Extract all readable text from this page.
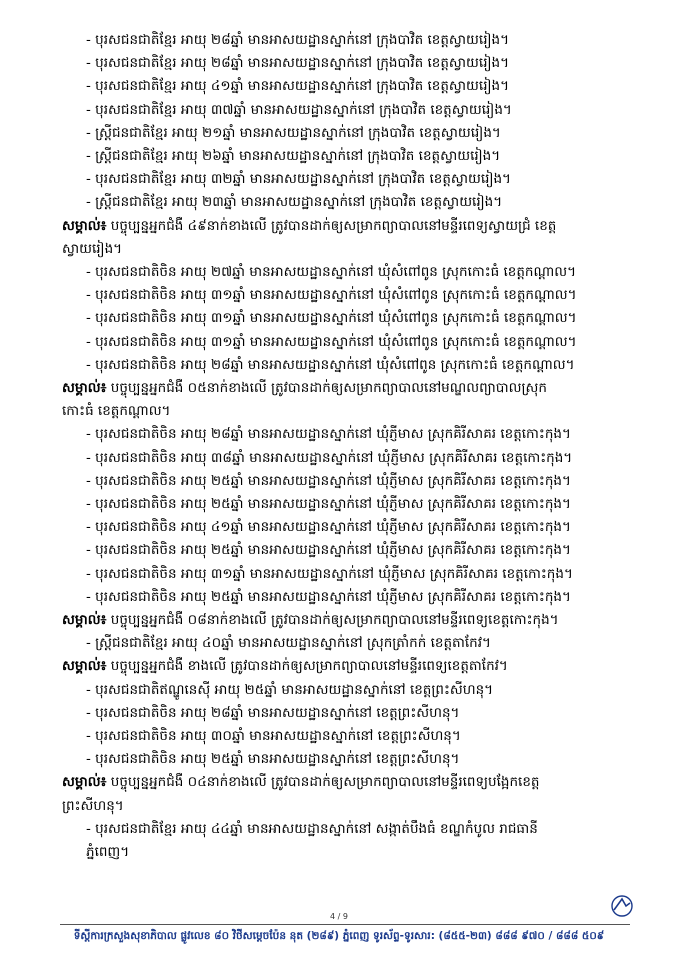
- បុរសជនជាតិខ្មែរ អាយុ ២៨ឆ្នាំ មានអាសយដ្ឋានស្នាក់នៅ ក្រុងបាវិត ខេត្តស្វាយរៀង។
- បុរសជនជាតិខ្មែរ អាយុ ២៨ឆ្នាំ មានអាសយដ្ឋានស្នាក់នៅ ក្រុងបាវិត ខេត្តស្វាយរៀង។
- បុរសជនជាតិខ្មែរ អាយុ ៤១ឆ្នាំ មានអាសយដ្ឋានស្នាក់នៅ ក្រុងបាវិត ខេត្តស្វាយរៀង។
- បុរសជនជាតិខ្មែរ អាយុ ៣៧ឆ្នាំ មានអាសយដ្ឋានស្នាក់នៅ ក្រុងបាវិត ខេត្តស្វាយរៀង។
- ស្ត្រីជនជាតិខ្មែរ អាយុ ២១ឆ្នាំ មានអាសយដ្ឋានស្នាក់នៅ ក្រុងបាវិត ខេត្តស្វាយរៀង។
- ស្ត្រីជនជាតិខ្មែរ អាយុ ២៦ឆ្នាំ មានអាសយដ្ឋានស្នាក់នៅ ក្រុងបាវិត ខេត្តស្វាយរៀង។
- បុរសជនជាតិខ្មែរ អាយុ ៣២ឆ្នាំ មានអាសយដ្ឋានស្នាក់នៅ ក្រុងបាវិត ខេត្តស្វាយរៀង។
- ស្ត្រីជនជាតិខ្មែរ អាយុ ២៣ឆ្នាំ មានអាសយដ្ឋានស្នាក់នៅ ក្រុងបាវិត ខេត្តស្វាយរៀង។
សម្គាល់៖ បច្ចុប្បន្នអ្នកជំងឺ ៤៩នាក់ខាងលើ ត្រូវបានដាក់ឲ្យសម្រាកព្យាបាលនៅមន្ទីរពេទ្យស្វាយជ្រំ ខេត្ត
ស្វាយរៀង។
- បុរសជនជាតិចិន អាយុ ២៧ឆ្នាំ មានអាសយដ្ឋានស្នាក់នៅ ឃុំសំពៅពូន ស្រុកកោះធំ ខេត្តកណ្ដាល។
- បុរសជនជាតិចិន អាយុ ៣១ឆ្នាំ មានអាសយដ្ឋានស្នាក់នៅ ឃុំសំពៅពូន ស្រុកកោះធំ ខេត្តកណ្ដាល។
- បុរសជនជាតិចិន អាយុ ៣១ឆ្នាំ មានអាសយដ្ឋានស្នាក់នៅ ឃុំសំពៅពូន ស្រុកកោះធំ ខេត្តកណ្ដាល។
- បុរសជនជាតិចិន អាយុ ៣១ឆ្នាំ មានអាសយដ្ឋានស្នាក់នៅ ឃុំសំពៅពូន ស្រុកកោះធំ ខេត្តកណ្ដាល។
- បុរសជនជាតិចិន អាយុ ២៨ឆ្នាំ មានអាសយដ្ឋានស្នាក់នៅ ឃុំសំពៅពូន ស្រុកកោះធំ ខេត្តកណ្ដាល។
សម្គាល់៖ បច្ចុប្បន្នអ្នកជំងឺ ០៥នាក់ខាងលើ ត្រូវបានដាក់ឲ្យសម្រាកព្យាបាលនៅមណ្ឌលព្យាបាលស្រុក
កោះធំ ខេត្តកណ្ដាល។
- បុរសជនជាតិចិន អាយុ ២៨ឆ្នាំ មានអាសយដ្ឋានស្នាក់នៅ ឃុំភ្ញីមាស ស្រុកគិរីសាគរ ខេត្តកោះកុង។
- បុរសជនជាតិចិន អាយុ ៣៨ឆ្នាំ មានអាសយដ្ឋានស្នាក់នៅ ឃុំភ្ញីមាស ស្រុកគិរីសាគរ ខេត្តកោះកុង។
- បុរសជនជាតិចិន អាយុ ២៥ឆ្នាំ មានអាសយដ្ឋានស្នាក់នៅ ឃុំភ្ញីមាស ស្រុកគិរីសាគរ ខេត្តកោះកុង។
- បុរសជនជាតិចិន អាយុ ២៥ឆ្នាំ មានអាសយដ្ឋានស្នាក់នៅ ឃុំភ្ញីមាស ស្រុកគិរីសាគរ ខេត្តកោះកុង។
- បុរសជនជាតិចិន អាយុ ៤១ឆ្នាំ មានអាសយដ្ឋានស្នាក់នៅ ឃុំភ្ញីមាស ស្រុកគិរីសាគរ ខេត្តកោះកុង។
- បុរសជនជាតិចិន អាយុ ២៥ឆ្នាំ មានអាសយដ្ឋានស្នាក់នៅ ឃុំភ្ញីមាស ស្រុកគិរីសាគរ ខេត្តកោះកុង។
- បុរសជនជាតិចិន អាយុ ៣១ឆ្នាំ មានអាសយដ្ឋានស្នាក់នៅ ឃុំភ្ញីមាស ស្រុកគិរីសាគរ ខេត្តកោះកុង។
- បុរសជនជាតិចិន អាយុ ២៥ឆ្នាំ មានអាសយដ្ឋានស្នាក់នៅ ឃុំភ្ញីមាស ស្រុកគិរីសាគរ ខេត្តកោះកុង។
សម្គាល់៖ បច្ចុប្បន្នអ្នកជំងឺ ០៨នាក់ខាងលើ ត្រូវបានដាក់ឲ្យសម្រាកព្យាបាលនៅមន្ទីរពេទ្យខេត្តកោះកុង។
- ស្ត្រីជនជាតិខ្មែរ អាយុ ៤០ឆ្នាំ មានអាសយដ្ឋានស្នាក់នៅ ស្រុកត្រាំកក់ ខេត្តតាកែវ។
សម្គាល់៖ បច្ចុប្បន្នអ្នកជំងឺ ខាងលើ ត្រូវបានដាក់ឲ្យសម្រាកព្យាបាលនៅមន្ទីរពេទ្យខេត្តតាកែវ។
- បុរសជនជាតិឥណ្ឌូនេស៊ី អាយុ ២៥ឆ្នាំ មានអាសយដ្ឋានស្នាក់នៅ ខេត្តព្រះសីហនុ។
- បុរសជនជាតិចិន អាយុ ២៨ឆ្នាំ មានអាសយដ្ឋានស្នាក់នៅ ខេត្តព្រះសីហនុ។
- បុរសជនជាតិចិន អាយុ ៣០ឆ្នាំ មានអាសយដ្ឋានស្នាក់នៅ ខេត្តព្រះសីហនុ។
- បុរសជនជាតិចិន អាយុ ២៥ឆ្នាំ មានអាសយដ្ឋានស្នាក់នៅ ខេត្តព្រះសីហនុ។
សម្គាល់៖ បច្ចុប្បន្នអ្នកជំងឺ ០៤នាក់ខាងលើ ត្រូវបានដាក់ឲ្យសម្រាកព្យាបាលនៅមន្ទីរពេទ្យបង្អែកខេត្ត
ព្រះសីហនុ។
- បុរសជនជាតិខ្មែរ អាយុ ៤៤ឆ្នាំ មានអាសយដ្ឋានស្នាក់នៅ សង្កាត់បឹងធំ ខណ្ឌកំបូល រាជធានី
ភ្នំពេញ។
4 / 9
ទីស្តីការក្រសួងសុខាភិបាល ផ្លូវលេខ ៨០ វិថីសម្ដេចប៉ែន នុត (២៨៩) ភ្នំពេញ ទូរស័ព្ទ-ទូរសារ: (៨៥៥-២៣) ៨៨៨ ៩៧០ / ៨៨៨ ៥០៩
